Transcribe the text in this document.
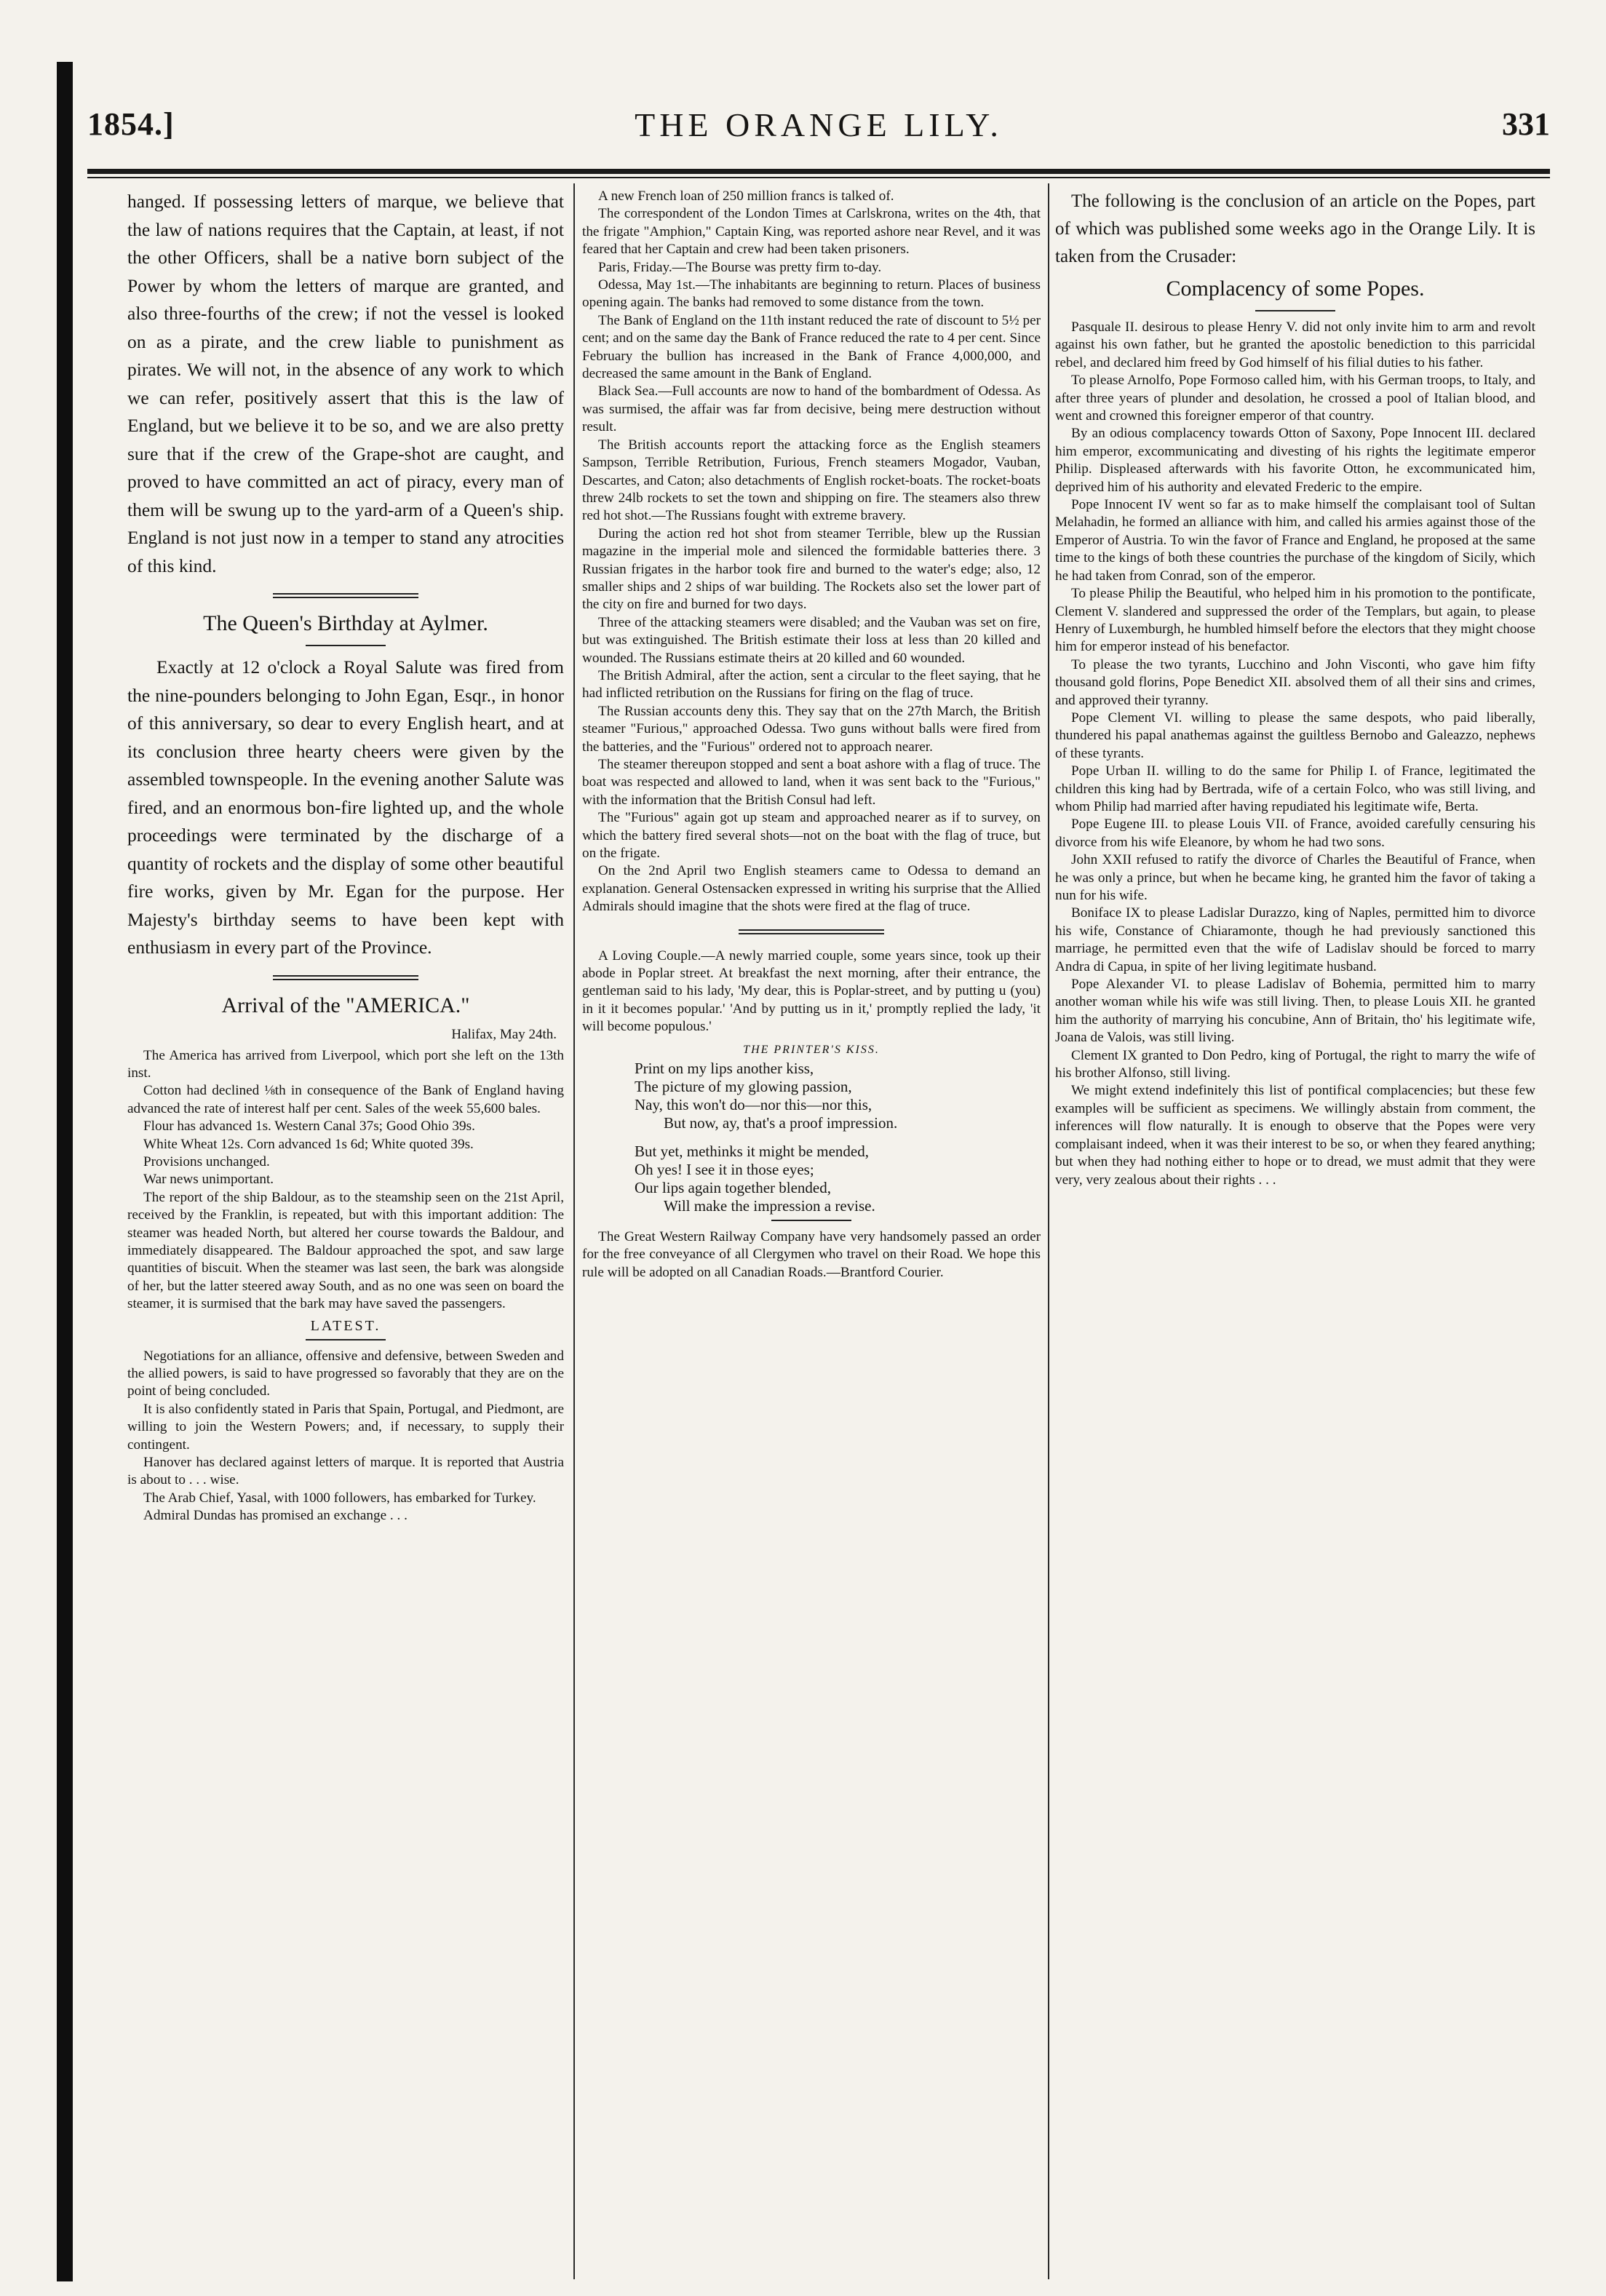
1854.]	THE ORANGE LILY.	331

hanged. If possessing letters of marque, we believe that the law of nations requires that the Captain, at least, if not the other Officers, shall be a native born subject of the Power by whom the letters of marque are granted, and also three-fourths of the crew; if not the vessel is looked on as a pirate, and the crew liable to punishment as pirates. We will not, in the absence of any work to which we can refer, positively assert that this is the law of England, but we believe it to be so, and we are also pretty sure that if the crew of the Grape-shot are caught, and proved to have committed an act of piracy, every man of them will be swung up to the yard-arm of a Queen's ship. England is not just now in a temper to stand any atrocities of this kind.

The Queen's Birthday at Aylmer.

Exactly at 12 o'clock a Royal Salute was fired from the nine-pounders belonging to John Egan, Esqr., in honor of this anniversary, so dear to every English heart, and at its conclusion three hearty cheers were given by the assembled townspeople. In the evening another Salute was fired, and an enormous bon-fire lighted up, and the whole proceedings were terminated by the discharge of a quantity of rockets and the display of some other beautiful fire works, given by Mr. Egan for the purpose. Her Majesty's birthday seems to have been kept with enthusiasm in every part of the Province.

Arrival of the "AMERICA."
Halifax, May 24th.

The America has arrived from Liverpool, which port she left on the 13th inst.

Cotton had declined ⅛th in consequence of the Bank of England having advanced the rate of interest half per cent. Sales of the week 55,600 bales.

Flour has advanced 1s. Western Canal 37s; Good Ohio 39s.

White Wheat 12s. Corn advanced 1s 6d; White quoted 39s.

Provisions unchanged.

War news unimportant.

The report of the ship Baldour, as to the steamship seen on the 21st April, received by the Franklin, is repeated, but with this important addition: The steamer was headed North, but altered her course towards the Baldour, and immediately disappeared. The Baldour approached the spot, and saw large quantities of biscuit. When the steamer was last seen, the bark was alongside of her, but the latter steered away South, and as no one was seen on board the steamer, it is surmised that the bark may have saved the passengers.

LATEST.

Negotiations for an alliance, offensive and defensive, between Sweden and the allied powers, is said to have progressed so favorably that they are on the point of being concluded.

It is also confidently stated in Paris that Spain, Portugal, and Piedmont, are willing to join the Western Powers; and, if necessary, to supply their contingent.

Hanover has declared against letters of marque. It is reported that Austria is about to . . . wise.

The Arab Chief, Yasal, with 1000 followers, has embarked for Turkey.

Admiral Dundas has promised an exchange . . .

A new French loan of 250 million francs is talked of.

The correspondent of the London Times at Carlskrona, writes on the 4th, that the frigate "Amphion," Captain King, was reported ashore near Revel, and it was feared that her Captain and crew had been taken prisoners.

Paris, Friday.—The Bourse was pretty firm to-day.

Odessa, May 1st.—The inhabitants are beginning to return. Places of business opening again. The banks had removed to some distance from the town.

The Bank of England on the 11th instant reduced the rate of discount to 5½ per cent; and on the same day the Bank of France reduced the rate to 4 per cent. Since February the bullion has increased in the Bank of France 4,000,000, and decreased the same amount in the Bank of England.

Black Sea.—Full accounts are now to hand of the bombardment of Odessa. As was surmised, the affair was far from decisive, being mere destruction without result.

The British accounts report the attacking force as the English steamers Sampson, Terrible Retribution, Furious, French steamers Mogador, Vauban, Descartes, and Caton; also detachments of English rocket-boats. The rocket-boats threw 24lb rockets to set the town and shipping on fire. The steamers also threw red hot shot.—The Russians fought with extreme bravery.

During the action red hot shot from steamer Terrible, blew up the Russian magazine in the imperial mole and silenced the formidable batteries there. 3 Russian frigates in the harbor took fire and burned to the water's edge; also, 12 smaller ships and 2 ships of war building. The Rockets also set the lower part of the city on fire and burned for two days.

Three of the attacking steamers were disabled; and the Vauban was set on fire, but was extinguished. The British estimate their loss at less than 20 killed and wounded. The Russians estimate theirs at 20 killed and 60 wounded.

The British Admiral, after the action, sent a circular to the fleet saying, that he had inflicted retribution on the Russians for firing on the flag of truce.

The Russian accounts deny this. They say that on the 27th March, the British steamer "Furious," approached Odessa. Two guns without balls were fired from the batteries, and the "Furious" ordered not to approach nearer.

The steamer thereupon stopped and sent a boat ashore with a flag of truce. The boat was respected and allowed to land, when it was sent back to the "Furious," with the information that the British Consul had left.

The "Furious" again got up steam and approached nearer as if to survey, on which the battery fired several shots—not on the boat with the flag of truce, but on the frigate.

On the 2nd April two English steamers came to Odessa to demand an explanation. General Ostensacken expressed in writing his surprise that the Allied Admirals should imagine that the shots were fired at the flag of truce.

A Loving Couple.—A newly married couple, some years since, took up their abode in Poplar street. At breakfast the next morning, after their entrance, the gentleman said to his lady, 'My dear, this is Poplar-street, and by putting u (you) in it it becomes popular.' 'And by putting us in it,' promptly replied the lady, 'it will become populous.'

THE PRINTER'S KISS.

Print on my lips another kiss,

The picture of my glowing passion,

Nay, this won't do—nor this—nor this,

But now, ay, that's a proof impression.

But yet, methinks it might be mended,

Oh yes! I see it in those eyes;

Our lips again together blended,

Will make the impression a revise.

The Great Western Railway Company have very handsomely passed an order for the free conveyance of all Clergymen who travel on their Road. We hope this rule will be adopted on all Canadian Roads.—Brantford Courier.

The following is the conclusion of an article on the Popes, part of which was published some weeks ago in the Orange Lily. It is taken from the Crusader:

Complacency of some Popes.

Pasquale II. desirous to please Henry V. did not only invite him to arm and revolt against his own father, but he granted the apostolic benediction to this parricidal rebel, and declared him freed by God himself of his filial duties to his father.

To please Arnolfo, Pope Formoso called him, with his German troops, to Italy, and after three years of plunder and desolation, he crossed a pool of Italian blood, and went and crowned this foreigner emperor of that country.

By an odious complacency towards Otton of Saxony, Pope Innocent III. declared him emperor, excommunicating and divesting of his rights the legitimate emperor Philip. Displeased afterwards with his favorite Otton, he excommunicated him, deprived him of his authority and elevated Frederic to the empire.

Pope Innocent IV went so far as to make himself the complaisant tool of Sultan Melahadin, he formed an alliance with him, and called his armies against those of the Emperor of Austria. To win the favor of France and England, he proposed at the same time to the kings of both these countries the purchase of the kingdom of Sicily, which he had taken from Conrad, son of the emperor.

To please Philip the Beautiful, who helped him in his promotion to the pontificate, Clement V. slandered and suppressed the order of the Templars, but again, to please Henry of Luxemburgh, he humbled himself before the electors that they might choose him for emperor instead of his benefactor.

To please the two tyrants, Lucchino and John Visconti, who gave him fifty thousand gold florins, Pope Benedict XII. absolved them of all their sins and crimes, and approved their tyranny.

Pope Clement VI. willing to please the same despots, who paid liberally, thundered his papal anathemas against the guiltless Bernobo and Galeazzo, nephews of these tyrants.

Pope Urban II. willing to do the same for Philip I. of France, legitimated the children this king had by Bertrada, wife of a certain Folco, who was still living, and whom Philip had married after having repudiated his legitimate wife, Berta.

Pope Eugene III. to please Louis VII. of France, avoided carefully censuring his divorce from his wife Eleanore, by whom he had two sons.

John XXII refused to ratify the divorce of Charles the Beautiful of France, when he was only a prince, but when he became king, he granted him the favor of taking a nun for his wife.

Boniface IX to please Ladislar Durazzo, king of Naples, permitted him to divorce his wife, Constance of Chiaramonte, though he had previously sanctioned this marriage, he permitted even that the wife of Ladislav should be forced to marry Andra di Capua, in spite of her living legitimate husband.

Pope Alexander VI. to please Ladislav of Bohemia, permitted him to marry another woman while his wife was still living. Then, to please Louis XII. he granted him the authority of marrying his concubine, Ann of Britain, tho' his legitimate wife, Joana de Valois, was still living.

Clement IX granted to Don Pedro, king of Portugal, the right to marry the wife of his brother Alfonso, still living.

We might extend indefinitely this list of pontifical complacencies; but these few examples will be sufficient as specimens. We willingly abstain from comment, the inferences will flow naturally. It is enough to observe that the Popes were very complaisant indeed, when it was their interest to be so, or when they feared anything; but when they had nothing either to hope or to dread, we must admit that they were very, very zealous about their rights . . .
